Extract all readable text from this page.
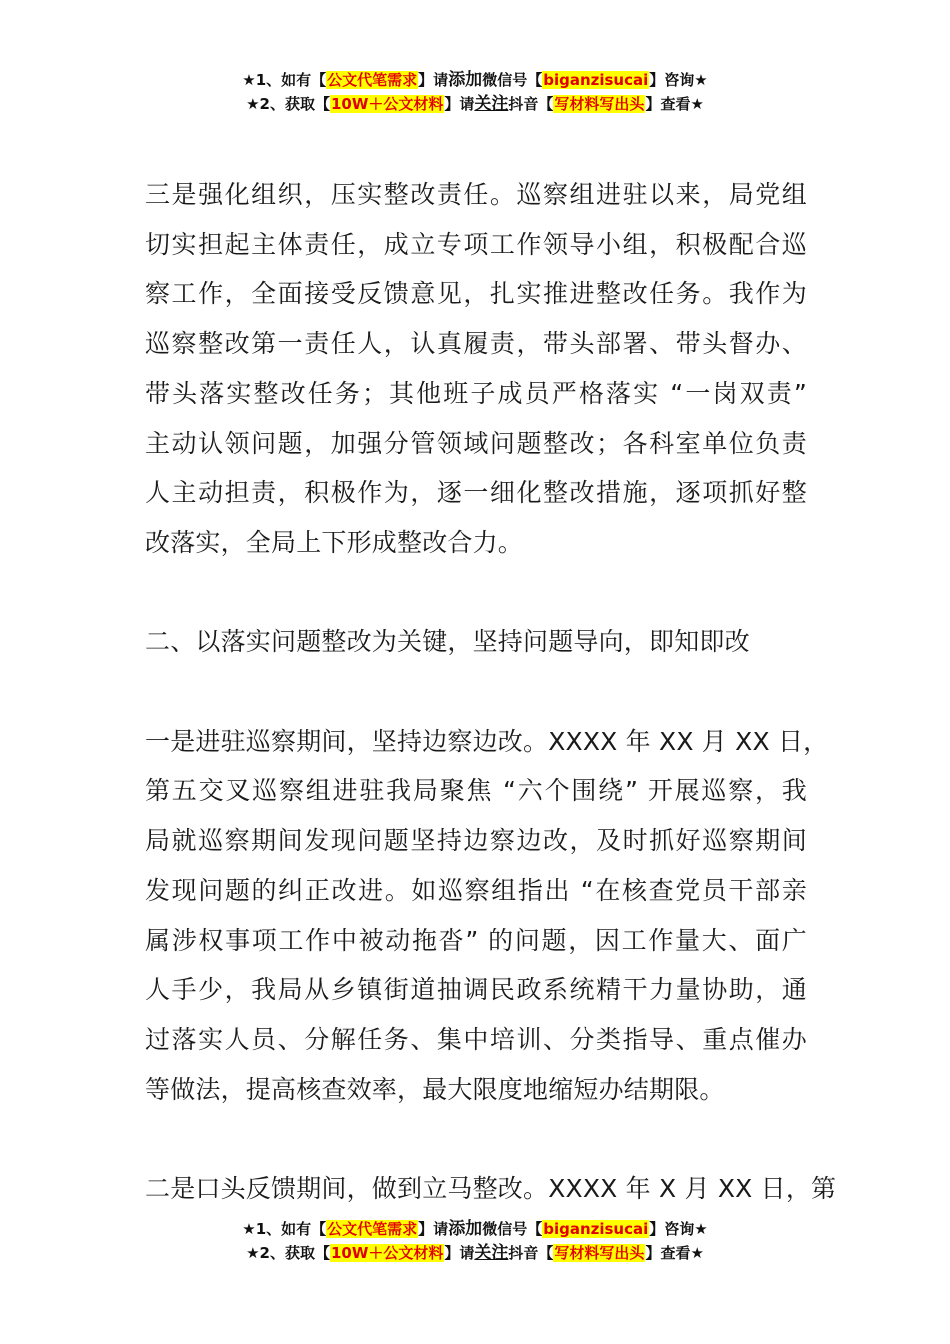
★1、如有【公文代笔需求】请添加微信号【biganzisucai】咨询★
★2、获取【10W＋公文材料】请关注抖音【写材料写出头】查看★

三是强化组织，压实整改责任。巡察组进驻以来，局党组
切实担起主体责任，成立专项工作领导小组，积极配合巡
察工作，全面接受反馈意见，扎实推进整改任务。我作为
巡察整改第一责任人，认真履责，带头部署、带头督办、
带头落实整改任务；其他班子成员严格落实 “一岗双责”
主动认领问题，加强分管领域问题整改；各科室单位负责
人主动担责，积极作为，逐一细化整改措施，逐项抓好整
改落实，全局上下形成整改合力。

二、以落实问题整改为关键，坚持问题导向，即知即改

一是进驻巡察期间，坚持边察边改。XXXX 年 XX 月 XX 日，
第五交叉巡察组进驻我局聚焦 “六个围绕” 开展巡察，我
局就巡察期间发现问题坚持边察边改，及时抓好巡察期间
发现问题的纠正改进。如巡察组指出 “在核查党员干部亲
属涉权事项工作中被动拖沓” 的问题，因工作量大、面广
人手少，我局从乡镇街道抽调民政系统精干力量协助，通
过落实人员、分解任务、集中培训、分类指导、重点催办
等做法，提高核查效率，最大限度地缩短办结期限。

二是口头反馈期间，做到立马整改。XXXX 年 X 月 XX 日，第

★1、如有【公文代笔需求】请添加微信号【biganzisucai】咨询★
★2、获取【10W＋公文材料】请关注抖音【写材料写出头】查看★
